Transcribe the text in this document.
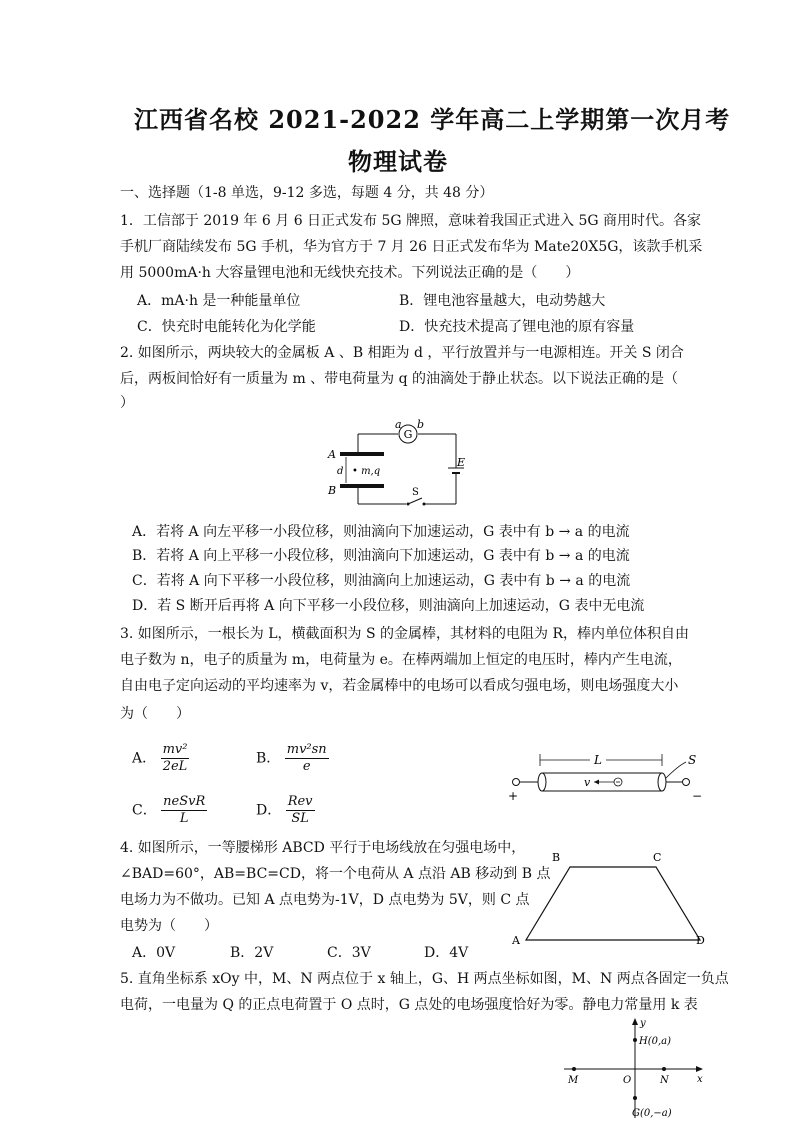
江西省名校 2021-2022 学年高二上学期第一次月考
物理试卷
一、选择题（1-8 单选，9-12 多选，每题 4 分，共 48 分）
1．工信部于 2019 年 6 月 6 日正式发布 5G 牌照，意味着我国正式进入 5G 商用时代。各家
手机厂商陆续发布 5G 手机，华为官方于 7 月 26 日正式发布华为 Mate20X5G，该款手机采
用 5000mA·h 大容量锂电池和无线快充技术。下列说法正确的是（　　）
A．mA·h 是一种能量单位	B．锂电池容量越大，电动势越大
C．快充时电能转化为化学能	D．快充技术提高了锂电池的原有容量
2. 如图所示，两块较大的金属板 A 、B 相距为 d ，平行放置并与一电源相连。开关 S 闭合
后，两板间恰好有一质量为 m 、带电荷量为 q 的油滴处于静止状态。以下说法正确的是（
）
G
a b
A
B
d • m,q
S
E
A．若将 A 向左平移一小段位移，则油滴向下加速运动，G 表中有 b → a 的电流
B．若将 A 向上平移一小段位移，则油滴向下加速运动，G 表中有 b → a 的电流
C．若将 A 向下平移一小段位移，则油滴向上加速运动，G 表中有 b → a 的电流
D．若 S 断开后再将 A 向下平移一小段位移，则油滴向上加速运动，G 表中无电流
3. 如图所示，一根长为 L，横截面积为 S 的金属棒，其材料的电阻为 R，棒内单位体积自由
电子数为 n，电子的质量为 m，电荷量为 e。在棒两端加上恒定的电压时，棒内产生电流，
自由电子定向运动的平均速率为 v，若金属棒中的电场可以看成匀强电场，则电场强度大小
为（　　）
A． $\frac{\text{mv²}}{2eL}$	B． $\frac{\text{mv²sn}}{e}$
C． $\frac{\text{neSvR}}{L}$	D． $\frac{\text{Rev}}{SL}$
L
v
+	−
S
4. 如图所示，一等腰梯形 ABCD 平行于电场线放在匀强电场中，
∠BAD=60°，AB=BC=CD，将一个电荷从 A 点沿 AB 移动到 B 点
电场力为不做功。已知 A 点电势为-1V，D 点电势为 5V，则 C 点
电势为（　　）
A．0V	B．2V	C．3V	D．4V
A
B	C
D
5. 直角坐标系 xOy 中，M、N 两点位于 x 轴上，G、H 两点坐标如图，M、N 两点各固定一负点
电荷，一电量为 Q 的正点电荷置于 O 点时，G 点处的电场强度恰好为零。静电力常量用 k 表
y
x
H(0,a)
G(0,−a)
M	N
O
